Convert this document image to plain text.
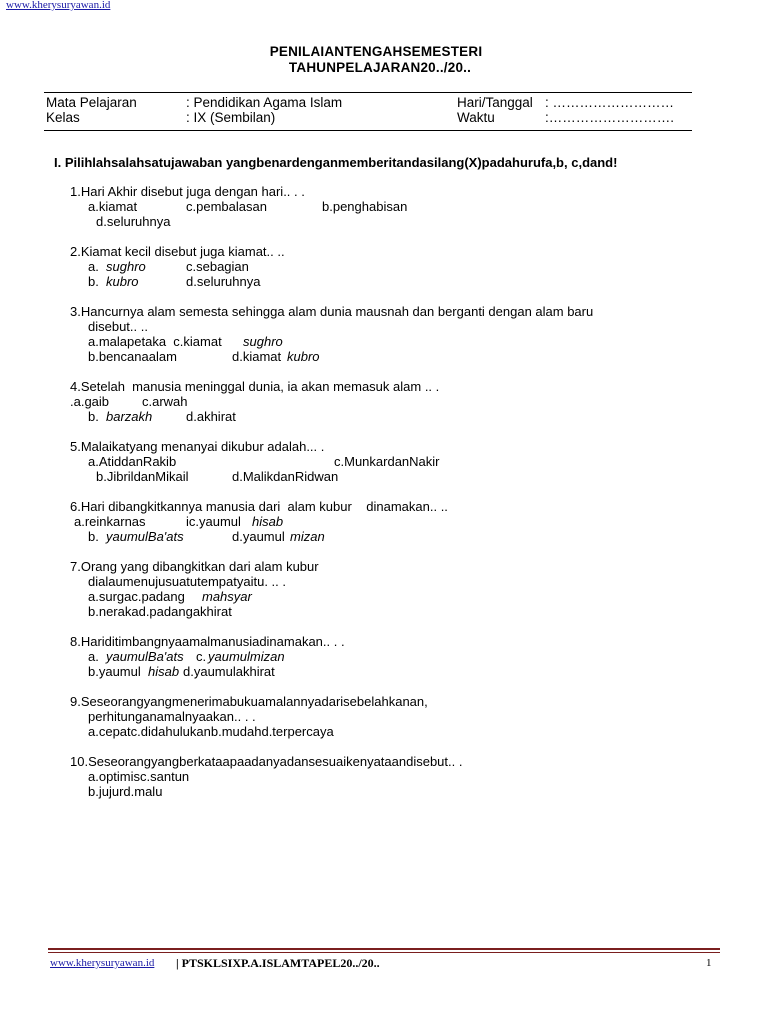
www.kherysuryawan.id
PENILAIANTENGAHSEMESTERI
TAHUNPELAJARAN20../20..
Mata Pelajaran	: Pendidikan Agama Islam	Hari/Tanggal : ………………………
Kelas	: IX (Sembilan)	Waktu	:……………………….
I. Pilihlahsalahsatujawaban yangbenardenganmemberitandasilang(X)padahurufa,b, c,dand!
1.Hari Akhir disebut juga dengan hari.. . .
a.kiamat	c.pembalasan	b.penghabisan
d.seluruhnya
2.Kiamat kecil disebut juga kiamat.. ..
a. sughro	c.sebagian
b. kubro	d.seluruhnya
3.Hancurnya alam semesta sehingga alam dunia mausnah dan berganti dengan alam baru
disebut.. ..
a.malapetaka  c.kiamat sughro
b.bencanaalam	d.kiamat kubro
4.Setelah  manusia meninggal dunia, ia akan memasuk alam .. .
.a.gaib	c.arwah
b. barzakh	d.akhirat
5.Malaikatyang menanyai dikubur adalah... .
a.AtiddanRakib	c.MunkardanNakir
b.JibrildanMikail	d.MalikdanRidwan
6.Hari dibangkitkannya manusia dari  alam kubur    dinamakan.. ..
a.reinkarnas	ic.yaumul hisab
b. yaumulBa'ats	d.yaumul mizan
7.Orang yang dibangkitkan dari alam kubur
dialaumenujusuatutempatyaitu. .. .
a.surgac.padang mahsyar
b.nerakad.padangakhirat
8.Hariditimbangnyaamalmanusiadinamakan.. . .
a. yaumulBa'ats c. yaumulmizan
b.yaumul hisab d.yaumulakhirat
9.Seseorangyangmenerimabukuamalannyadarisebelahkanan,
perhitunganamalnyaakan.. . .
a.cepatc.didahulukanb.mudahd.terpercaya
10.Seseorangyangberkataapaadanyadansesuaikenyataandisebut.. .
a.optimisc.santun
b.jujurd.malu
www.kherysuryawan.id | PTSKLSIXP.A.ISLAMTAPEL20../20..	1
